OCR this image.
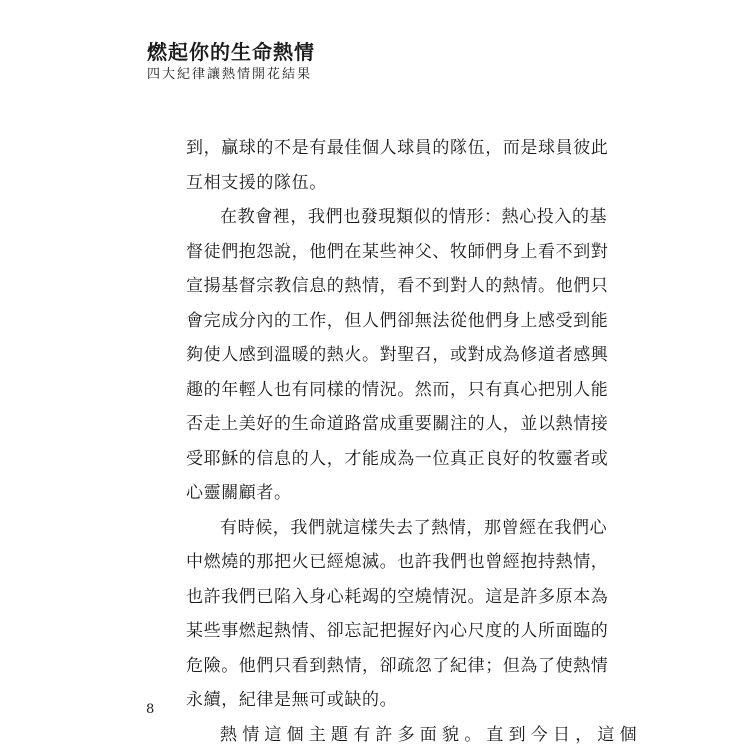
燃起你的生命熱情
四大紀律讓熱情開花結果
到，贏球的不是有最佳個人球員的隊伍，而是球員彼此
互相支援的隊伍。
在教會裡，我們也發現類似的情形：熱心投入的基
督徒們抱怨說，他們在某些神父、牧師們身上看不到對
宣揚基督宗教信息的熱情，看不到對人的熱情。他們只
會完成分內的工作，但人們卻無法從他們身上感受到能
夠使人感到溫暖的熱火。對聖召，或對成為修道者感興
趣的年輕人也有同樣的情況。然而，只有真心把別人能
否走上美好的生命道路當成重要關注的人，並以熱情接
受耶穌的信息的人，才能成為一位真正良好的牧靈者或
心靈關顧者。
有時候，我們就這樣失去了熱情，那曾經在我們心
中燃燒的那把火已經熄滅。也許我們也曾經抱持熱情，
也許我們已陷入身心耗竭的空燒情況。這是許多原本為
某些事燃起熱情、卻忘記把握好內心尺度的人所面臨的
危險。他們只看到熱情，卻疏忽了紀律；但為了使熱情
永續，紀律是無可或缺的。
熱情這個主題有許多面貌。直到今日，這個
8
